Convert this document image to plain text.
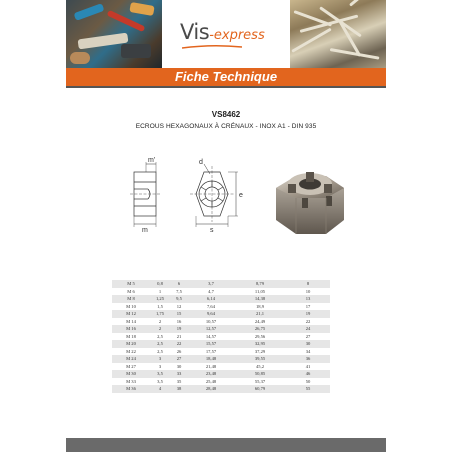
Vis-express
Fiche Technique
VS8462
ECROUS HEXAGONAUX À CRÉNAUX - INOX A1 - DIN 935
m'
m
d
e
s
M 5	0,8	6	3,7	8,79	8
M 6	1	7,5	4,7	11,05	10
M 8	1,25	9,5	6,14	14,38	13
M 10	1,5	12	7,64	18,9	17
M 12	1,75	15	9,64	21,1	19
M 14	2	16	10,57	24,49	22
M 16	2	19	12,57	26,75	24
M 18	2,5	21	14,57	29,56	27
M 20	2,5	22	15,57	32,95	30
M 22	2,5	26	17,57	37,29	34
M 24	3	27	18,48	39,55	36
M 27	3	30	21,48	45,2	41
M 30	3,5	33	23,48	50,85	46
M 33	3,5	35	25,48	55,37	50
M 36	4	38	28,48	60,79	55
